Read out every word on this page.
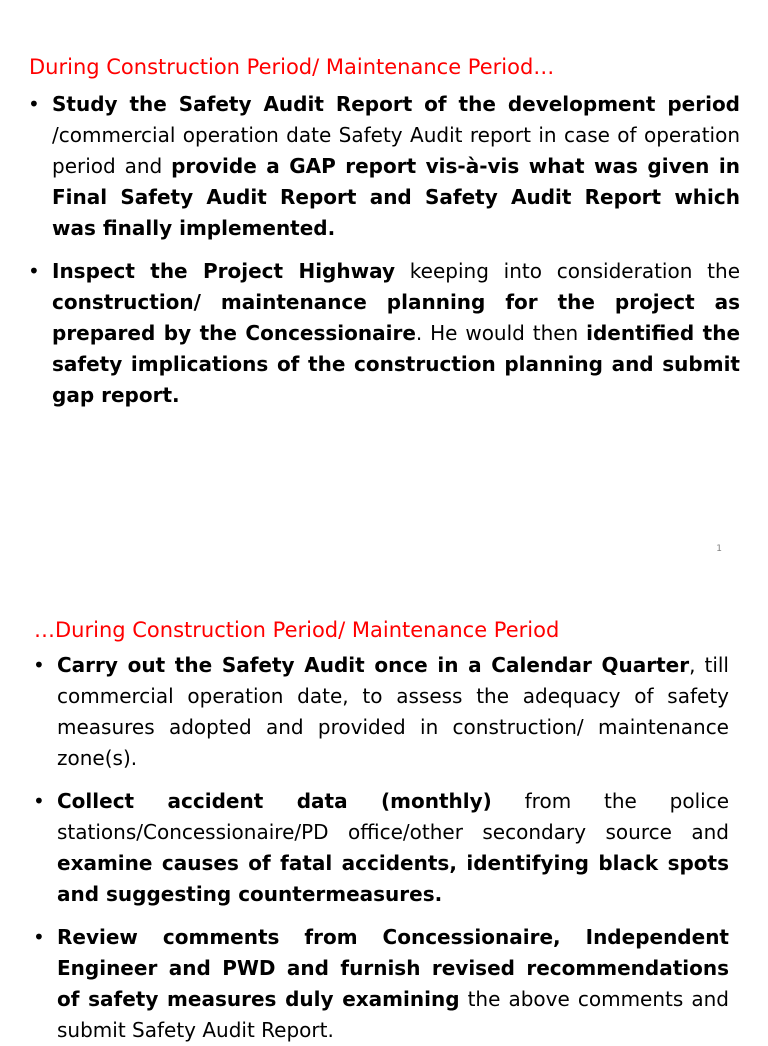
During Construction Period/ Maintenance Period…
• Study the Safety Audit Report of the development period /commercial operation date Safety Audit report in case of operation period and provide a GAP report vis-à-vis what was given in Final Safety Audit Report and Safety Audit Report which was finally implemented.
• Inspect the Project Highway keeping into consideration the construction/ maintenance planning for the project as prepared by the Concessionaire. He would then identified the safety implications of the construction planning and submit gap report.
1
…During Construction Period/ Maintenance Period
• Carry out the Safety Audit once in a Calendar Quarter, till commercial operation date, to assess the adequacy of safety measures adopted and provided in construction/ maintenance zone(s).
• Collect accident data (monthly) from the police stations/Concessionaire/PD office/other secondary source and examine causes of fatal accidents, identifying black spots and suggesting countermeasures.
• Review comments from Concessionaire, Independent Engineer and PWD and furnish revised recommendations of safety measures duly examining the above comments and submit Safety Audit Report.
